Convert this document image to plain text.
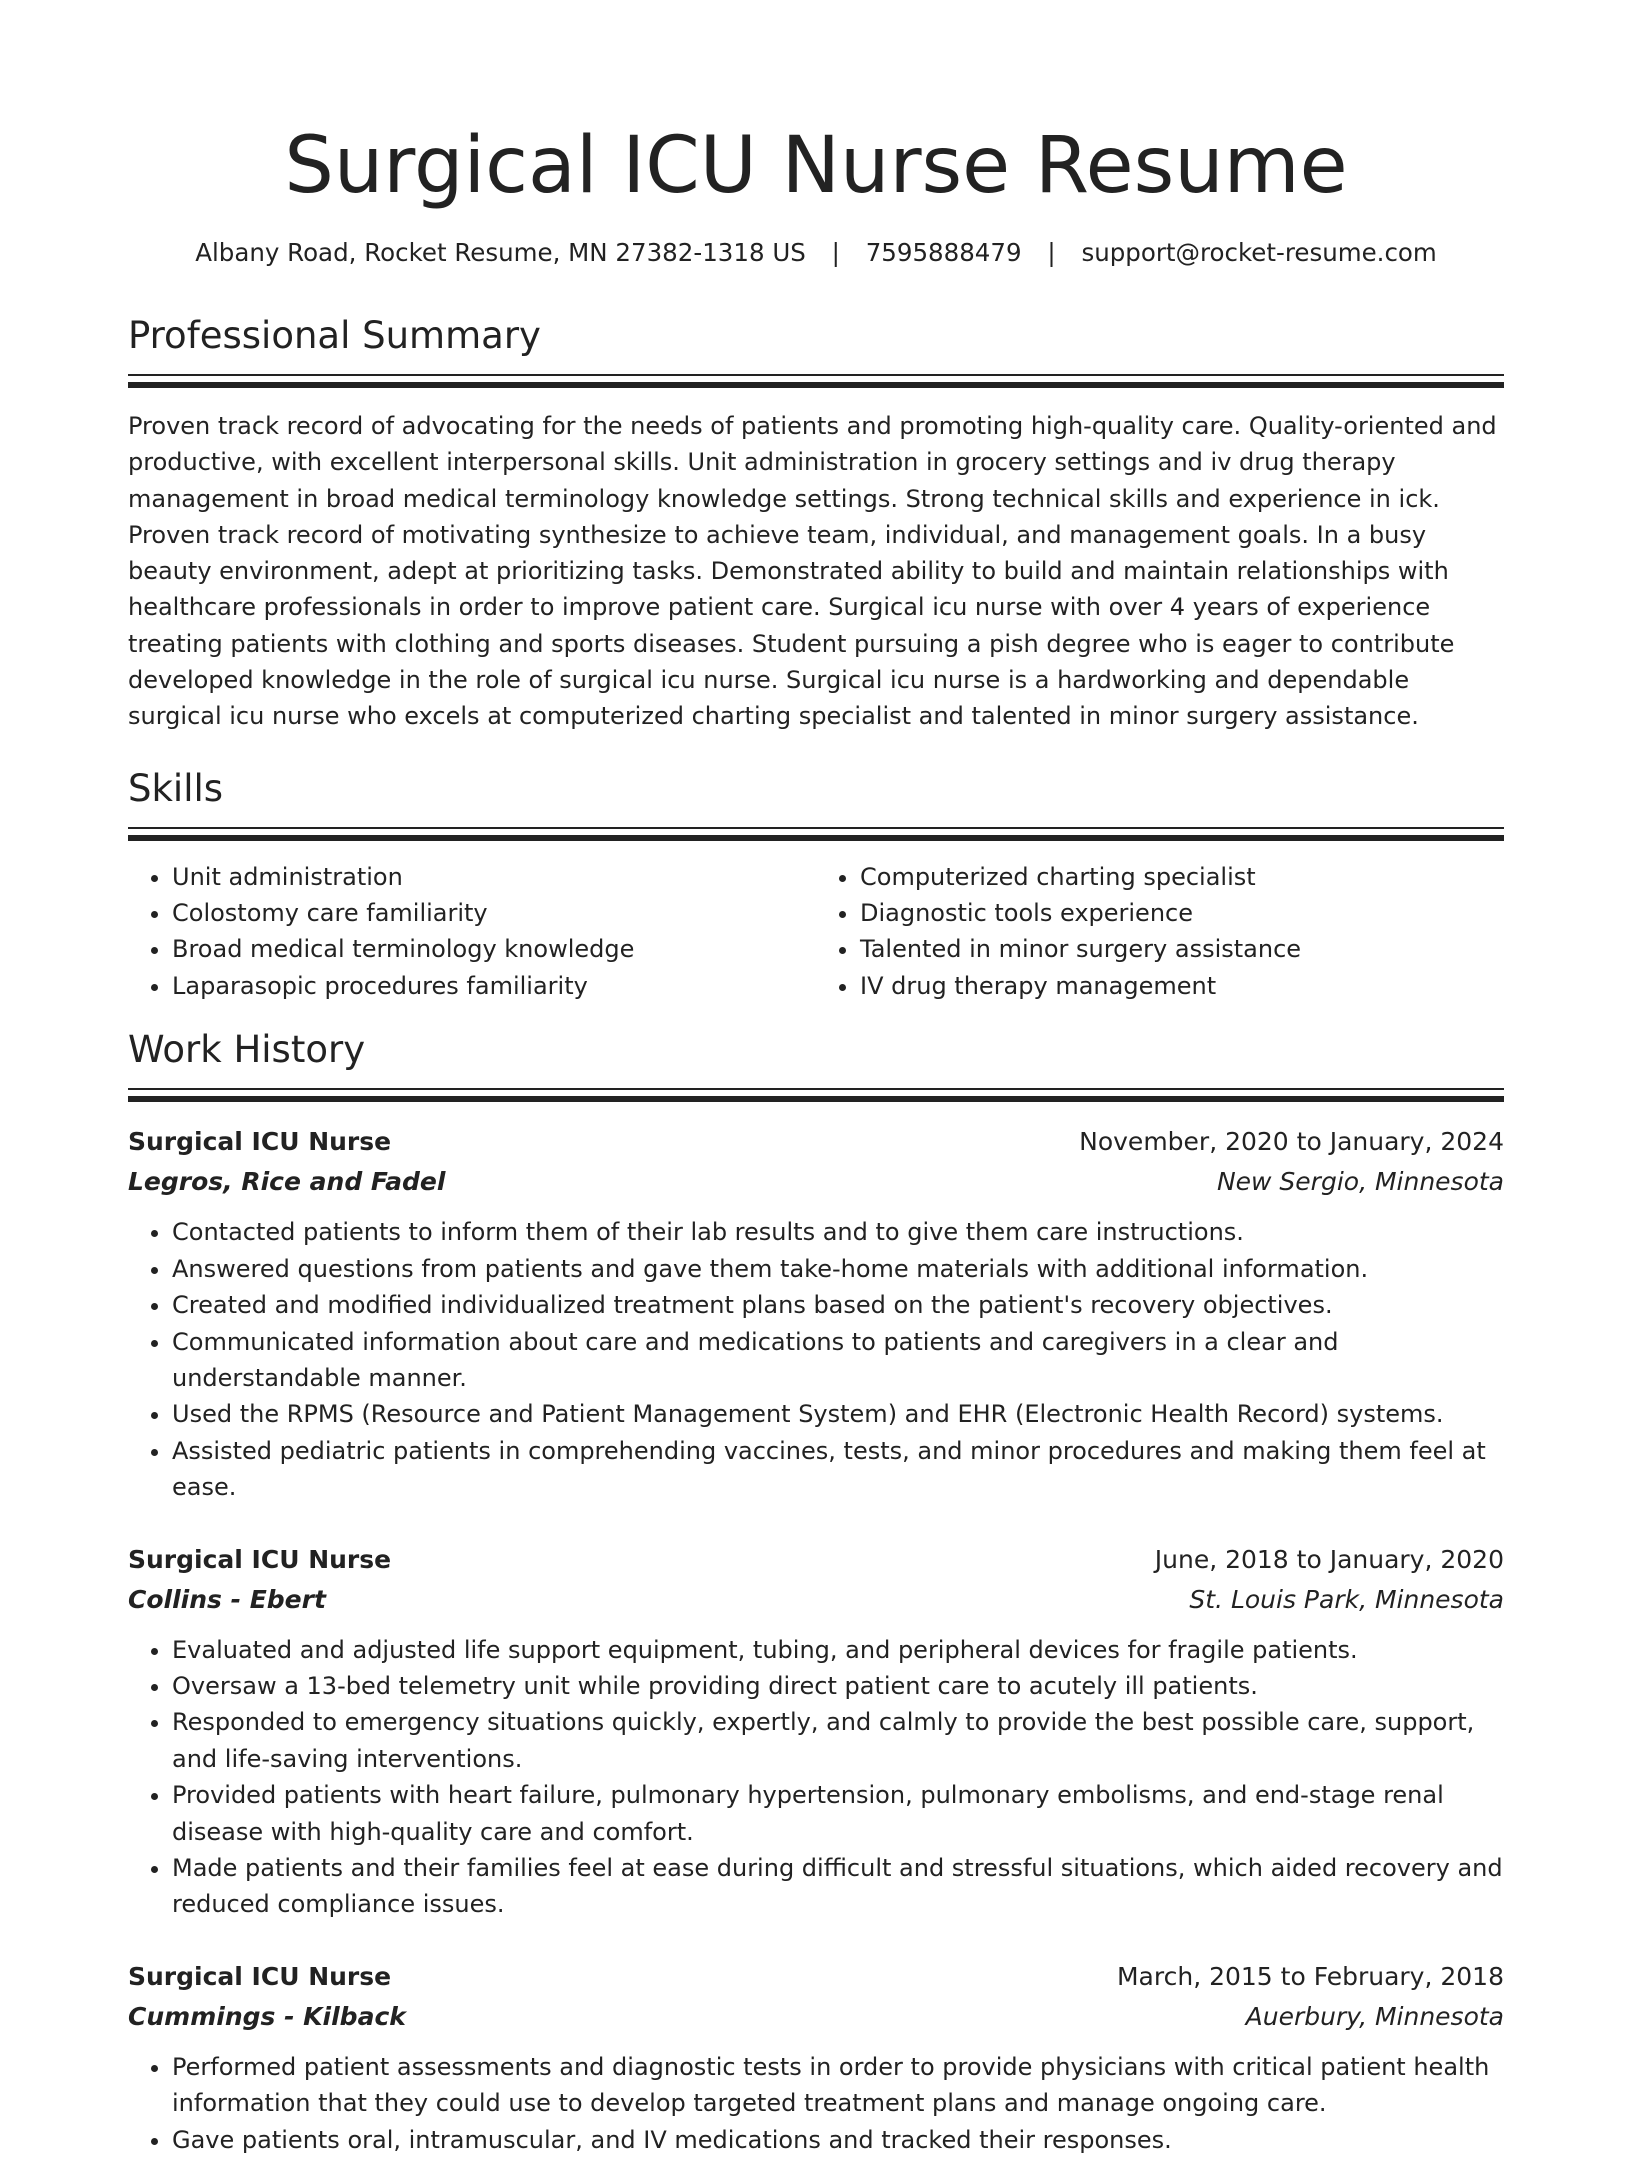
Surgical ICU Nurse Resume
Albany Road, Rocket Resume, MN 27382-1318 US | 7595888479 | support@rocket-resume.com
Professional Summary

Proven track record of advocating for the needs of patients and promoting high-quality care. Quality-oriented and productive, with excellent interpersonal skills. Unit administration in grocery settings and iv drug therapy management in broad medical terminology knowledge settings. Strong technical skills and experience in ick. Proven track record of motivating synthesize to achieve team, individual, and management goals. In a busy beauty environment, adept at prioritizing tasks. Demonstrated ability to build and maintain relationships with healthcare professionals in order to improve patient care. Surgical icu nurse with over 4 years of experience treating patients with clothing and sports diseases. Student pursuing a pish degree who is eager to contribute developed knowledge in the role of surgical icu nurse. Surgical icu nurse is a hardworking and dependable surgical icu nurse who excels at computerized charting specialist and talented in minor surgery assistance.

Skills
• Unit administration
• Colostomy care familiarity
• Broad medical terminology knowledge
• Laparasopic procedures familiarity
• Computerized charting specialist
• Diagnostic tools experience
• Talented in minor surgery assistance
• IV drug therapy management
Work History
Surgical ICU Nurse	November, 2020 to January, 2024
Legros, Rice and Fadel	New Sergio, Minnesota
• Contacted patients to inform them of their lab results and to give them care instructions.
• Answered questions from patients and gave them take-home materials with additional information.
• Created and modified individualized treatment plans based on the patient's recovery objectives.
• Communicated information about care and medications to patients and caregivers in a clear and understandable manner.
• Used the RPMS (Resource and Patient Management System) and EHR (Electronic Health Record) systems.
• Assisted pediatric patients in comprehending vaccines, tests, and minor procedures and making them feel at ease.
Surgical ICU Nurse	June, 2018 to January, 2020
Collins - Ebert	St. Louis Park, Minnesota
• Evaluated and adjusted life support equipment, tubing, and peripheral devices for fragile patients.
• Oversaw a 13-bed telemetry unit while providing direct patient care to acutely ill patients.
• Responded to emergency situations quickly, expertly, and calmly to provide the best possible care, support, and life-saving interventions.
• Provided patients with heart failure, pulmonary hypertension, pulmonary embolisms, and end-stage renal disease with high-quality care and comfort.
• Made patients and their families feel at ease during difficult and stressful situations, which aided recovery and reduced compliance issues.
Surgical ICU Nurse	March, 2015 to February, 2018
Cummings - Kilback	Auerbury, Minnesota
• Performed patient assessments and diagnostic tests in order to provide physicians with critical patient health information that they could use to develop targeted treatment plans and manage ongoing care.
• Gave patients oral, intramuscular, and IV medications and tracked their responses.
